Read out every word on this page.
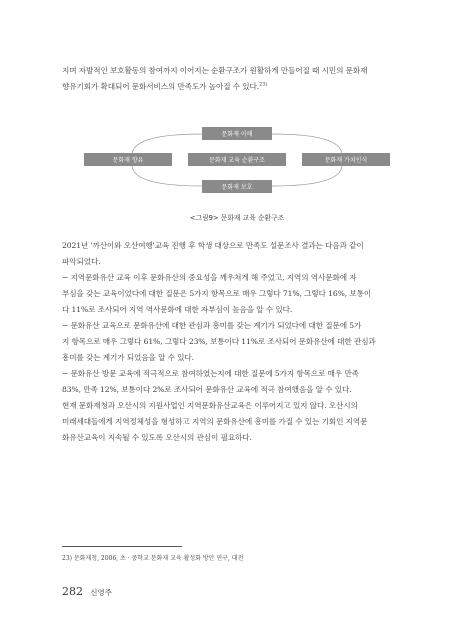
지며 자발적인 보호활동의 참여까지 이어지는 순환구조가 원활하게 만들어질 때 시민의 문화재
향유기회가 확대되어 문화서비스의 만족도가 높아질 수 있다.$^{23)}$
문화재 이해
문화재 향유	문화재 교육 순환구조	문화재 가치인식
문화재 보호
<그림9> 문화재 교육 순환구조

2021년 '까산이와 오산여행'교육 진행 후 학생 대상으로 만족도 설문조사 결과는 다음과 같이

파악되었다.

− 지역문화유산 교육 이후 문화유산의 중요성을 깨우쳐게 해 주었고, 지역의 역사문화에 자

부심을 갖는 교육이었다에 대한 질문은 5가지 항목으로 매우 그렇다 71%, 그렇다 16%, 보통이

다 11%로 조사되어 지역 역사문화에 대한 자부심이 높음을 알 수 있다.

− 문화유산 교육으로 문화유산에 대한 관심과 흥미를 갖는 계기가 되었다에 대한 질문에 5가

지 항목으로 매우 그렇다 61%, 그렇다 23%, 보통이다 11%로 조사되어 문화유산에 대한 관심과

흥미를 갖는 계기가 되었음을 알 수 있다.

− 문화유산 방문 교육에 적극적으로 참여하였는지에 대한 질문에 5가지 항목으로 매우 만족

83%, 만족 12%, 보통이다 2%로 조사되어 문화유산 교육에 적극 참여했음을 알 수 있다.

현재 문화재청과 오산시의 지원사업인 지역문화유산교육은 이루어지고 있지 않다. 오산시의

미래세대들에게 지역정체성을 형성하고 지역의 문화유산에 흥미를 가질 수 있는 기회인 지역문

화유산교육이 지속될 수 있도록 오산시의 관심이 필요하다.

23) 문화재청, 2006, 초 · 중학교 문화재 교육 활성화 방안 연구, 대전
282 신영주
